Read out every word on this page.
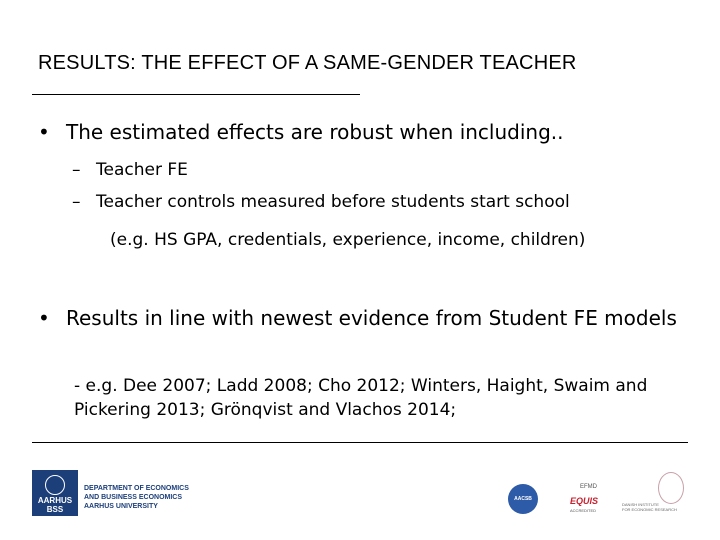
RESULTS: THE EFFECT OF A SAME-GENDER TEACHER
• The estimated effects are robust when including..
– Teacher FE
– Teacher controls measured before students start school
(e.g. HS GPA, credentials, experience, income, children)
• Results in line with newest evidence from Student FE models
- e.g. Dee 2007; Ladd 2008; Cho 2012; Winters, Haight, Swaim and Pickering 2013; Grönqvist and Vlachos 2014;
AARHUS
BSS
DEPARTMENT OF ECONOMICS
AND BUSINESS ECONOMICS
AARHUS UNIVERSITY
AACSB
EFMD
EQUIS
ACCREDITED
DANISH INSTITUTE
FOR ECONOMIC RESEARCH
